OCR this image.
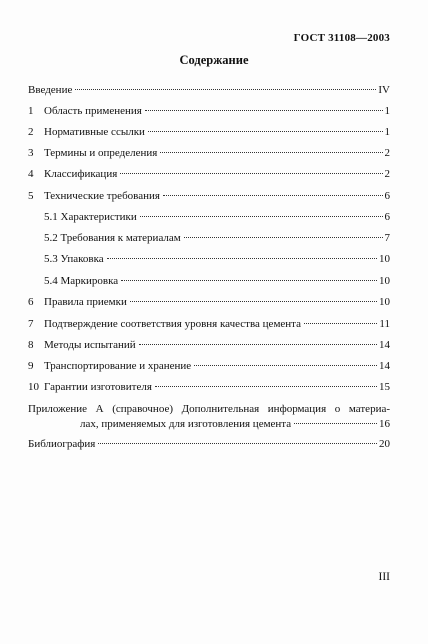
ГОСТ 31108—2003
Содержание
Введение	IV
1 Область применения	1
2 Нормативные ссылки	1
3 Термины и определения	2
4 Классификация	2
5 Технические требования	6
5.1 Характеристики	6
5.2 Требования к материалам	7
5.3 Упаковка	10
5.4 Маркировка	10
6 Правила приемки	10
7 Подтверждение соответствия уровня качества цемента	11
8 Методы испытаний	14
9 Транспортирование и хранение	14
10 Гарантии изготовителя	15
Приложение А (справочное) Дополнительная информация о материа-
лах, применяемых для изготовления цемента	16
Библиография	20
III
